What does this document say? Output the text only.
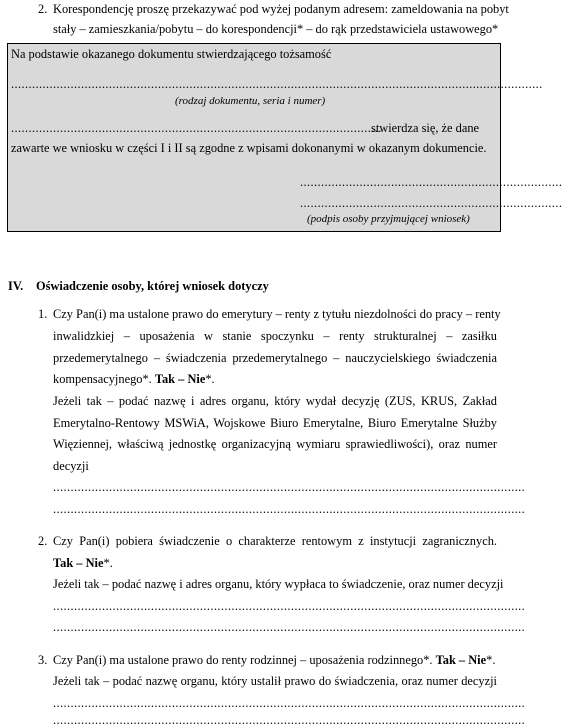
2. Korespondencję proszę przekazywać pod wyżej podanym adresem: zameldowania na pobyt
stały – zamieszkania/pobytu – do korespondencji* – do rąk przedstawiciela ustawowego*
Na podstawie okazanego dokumentu stwierdzającego tożsamość
........................................................................................................................................................
(rodzaj dokumentu, seria i numer)
..........................................................................................................
stwierdza się, że dane
zawarte we wniosku w części I i II są zgodne z wpisami dokonanymi w okazanym dokumencie.
...........................................................................
...........................................................................
(podpis osoby przyjmującej wniosek)
IV. Oświadczenie osoby, której wniosek dotyczy
1. Czy Pan(i) ma ustalone prawo do emerytury – renty z tytułu niezdolności do pracy – renty
inwalidzkiej – uposażenia w stanie spoczynku – renty strukturalnej – zasiłku
przedemerytalnego – świadczenia przedemerytalnego – nauczycielskiego świadczenia
kompensacyjnego*. Tak – Nie*.
Jeżeli tak – podać nazwę i adres organu, który wydał decyzję (ZUS, KRUS, Zakład
Emerytalno-Rentowy MSWiA, Wojskowe Biuro Emerytalne, Biuro Emerytalne Służby
Więziennej, właściwą jednostkę organizacyjną wymiaru sprawiedliwości), oraz numer
decyzji
.......................................................................................................................................
.......................................................................................................................................
2. Czy Pan(i) pobiera świadczenie o charakterze rentowym z instytucji zagranicznych.
Tak – Nie*.
Jeżeli tak – podać nazwę i adres organu, który wypłaca to świadczenie, oraz numer decyzji
.......................................................................................................................................
.......................................................................................................................................
3. Czy Pan(i) ma ustalone prawo do renty rodzinnej – uposażenia rodzinnego*. Tak – Nie*.
Jeżeli tak – podać nazwę organu, który ustalił prawo do świadczenia, oraz numer decyzji
.......................................................................................................................................
.......................................................................................................................................
